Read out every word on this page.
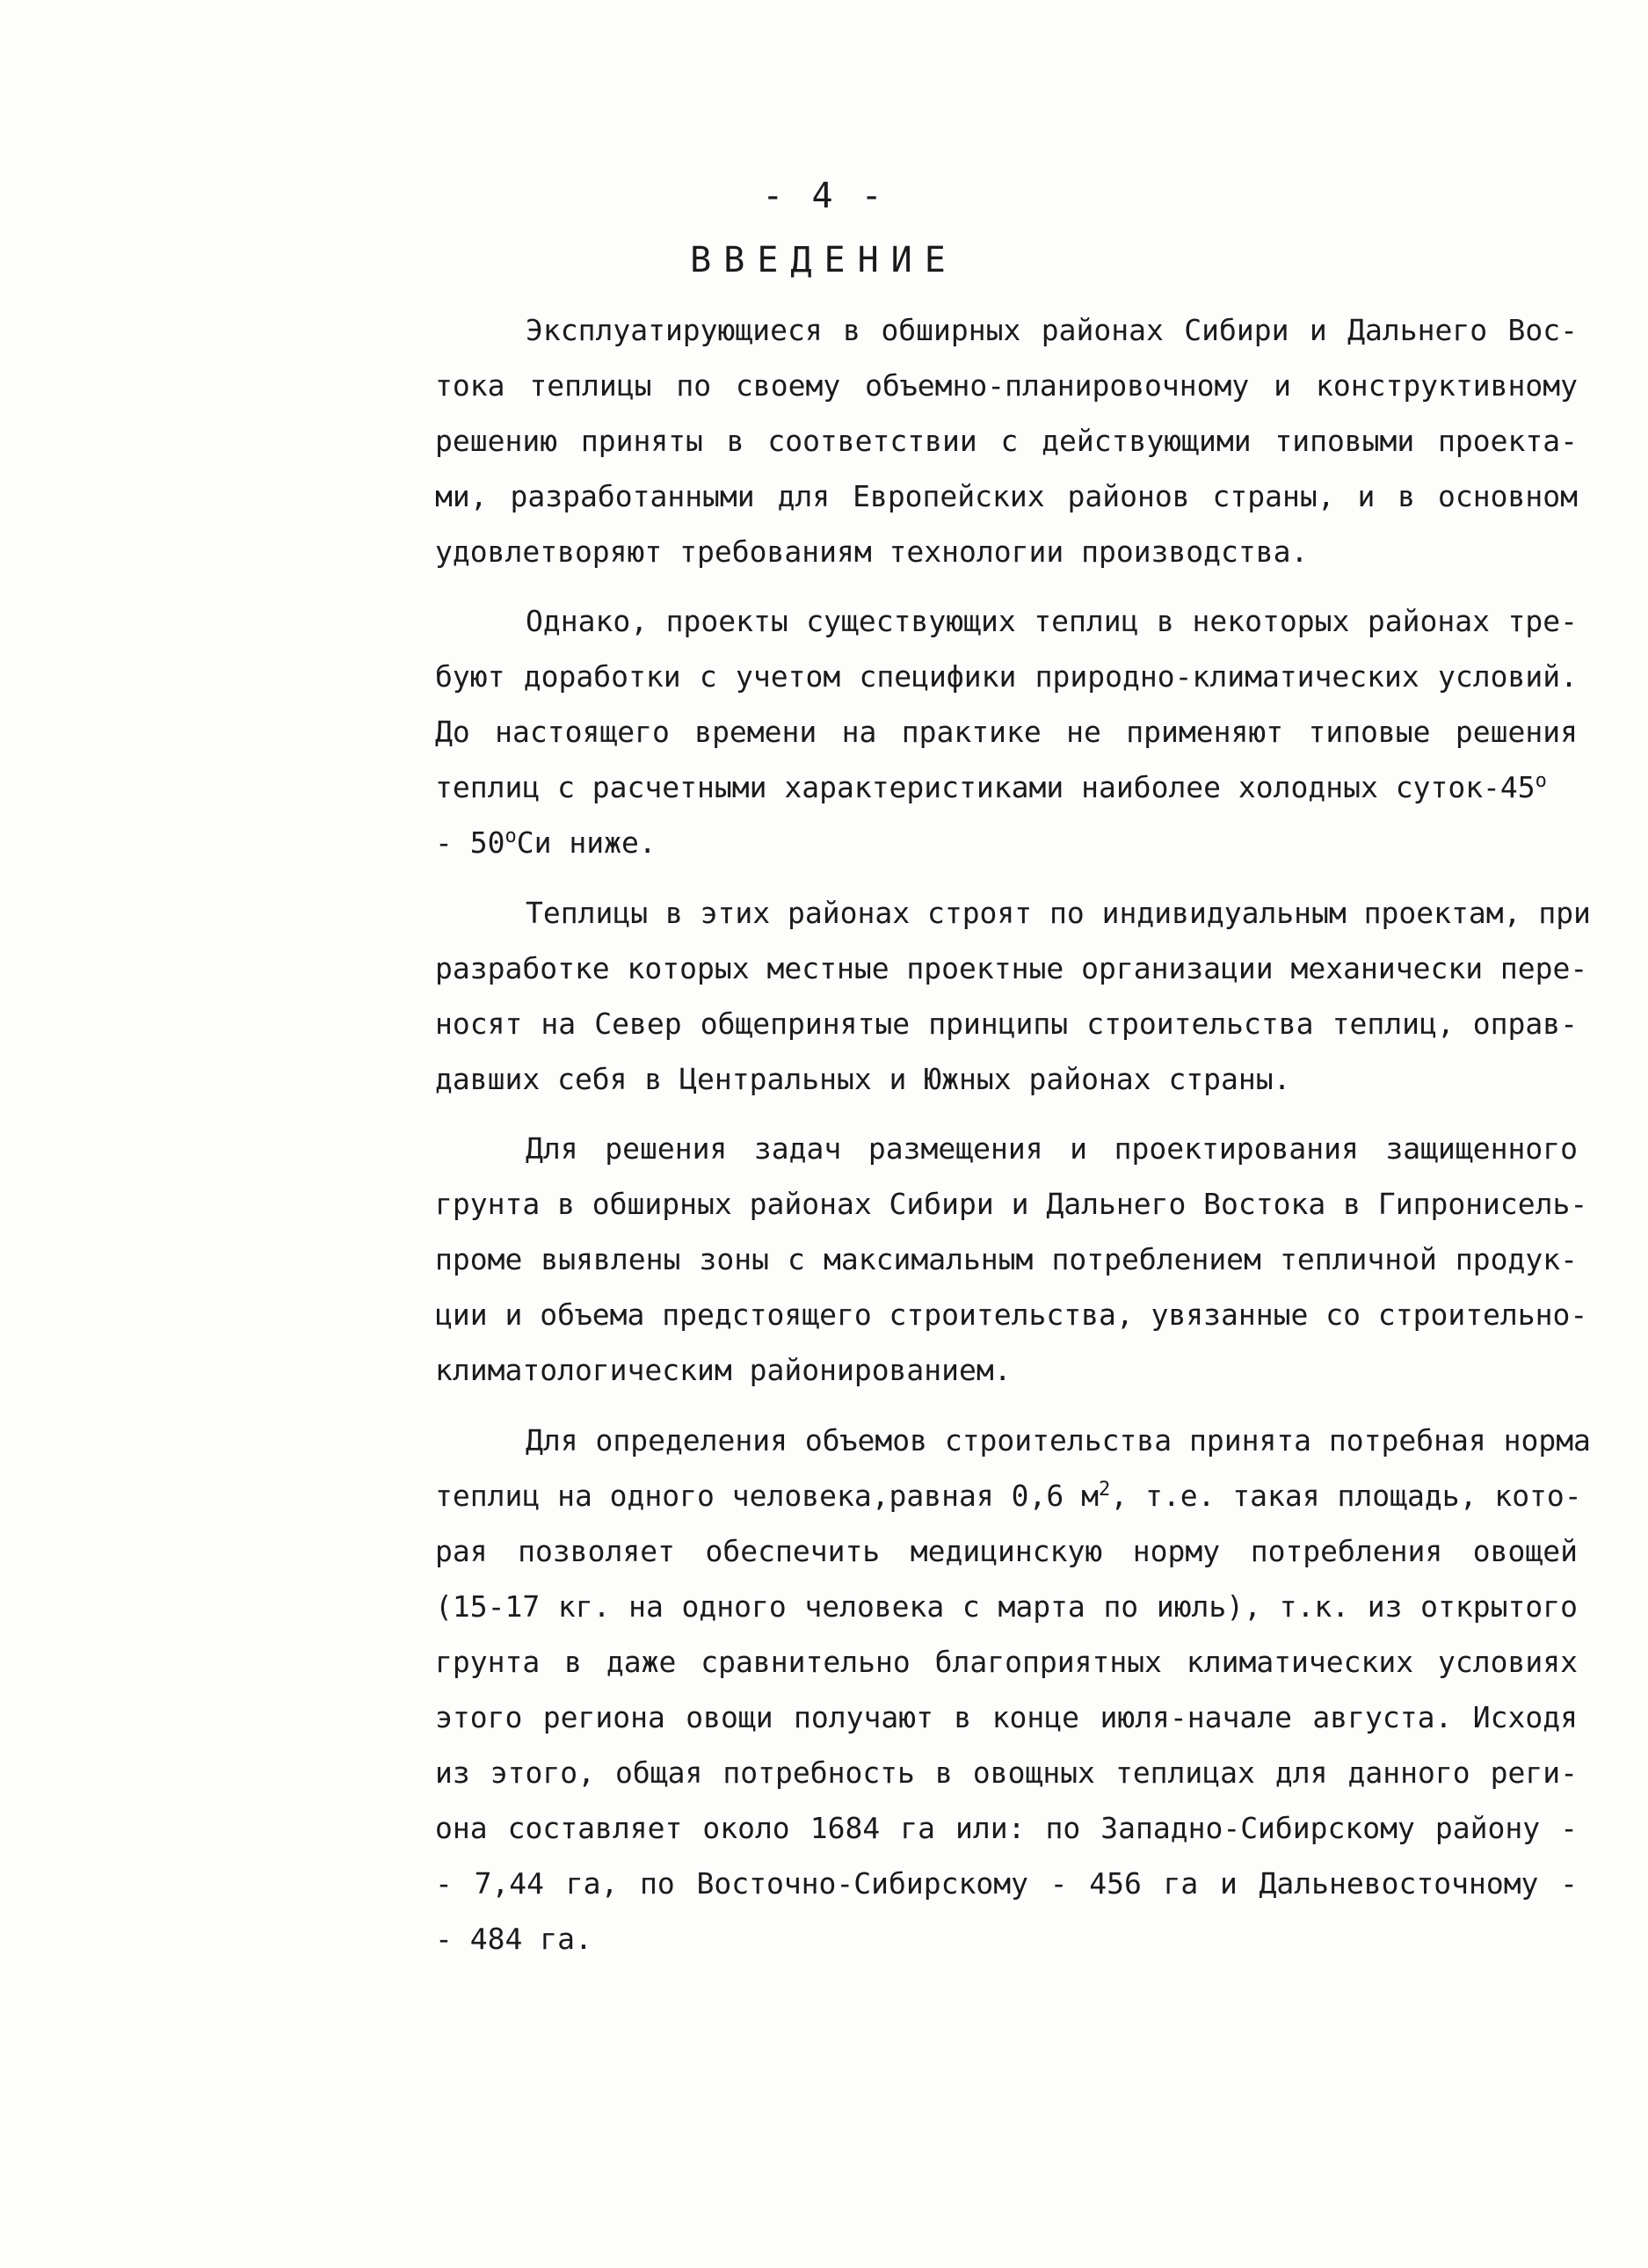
- 4 -
ВВЕДЕНИЕ

Эксплуатирующиеся в обширных районах Сибири и Дальнего Вос-

тока теплицы по своему объемно-планировочному и конструктивному

решению приняты в соответствии с действующими типовыми проекта-

ми, разработанными для Европейских районов страны, и в основном

удовлетворяют требованиям технологии производства.

Однако, проекты существующих теплиц в некоторых районах тре-

буют доработки с учетом специфики природно-климатических условий.

До настоящего времени на практике не применяют типовые решения

теплиц с расчетными характеристиками наиболее холодных суток-$45^о$

- $50^оСи$ ниже.

Теплицы в этих районах строят по индивидуальным проектам, при

разработке которых местные проектные организации механически пере-

носят на Север общепринятые принципы строительства теплиц, оправ-

давших себя в Центральных и Южных районах страны.

Для решения задач размещения и проектирования защищенного

грунта в обширных районах Сибири и Дальнего Востока в Гипронисель-

проме выявлены зоны с максимальным потреблением тепличной продук-

ции и объема предстоящего строительства, увязанные со строительно-

климатологическим районированием.

Для определения объемов строительства принята потребная норма

теплиц на одного человека,равная 0,6 $м^2$, т.е. такая площадь, кото-

рая позволяет обеспечить медицинскую норму потребления овощей

(15-17 кг. на одного человека с марта по июль), т.к. из открытого

грунта в даже сравнительно благоприятных климатических условиях

этого региона овощи получают в конце июля-начале августа. Исходя

из этого, общая потребность в овощных теплицах для данного реги-

она составляет около 1684 га или: по Западно-Сибирскому району -

- 7,44 га, по Восточно-Сибирскому - 456 га и Дальневосточному -

- 484 га.
